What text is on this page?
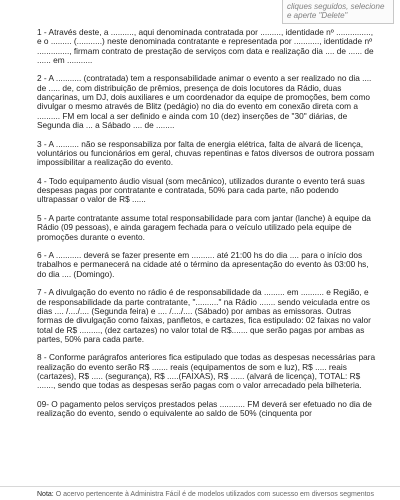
cliques seguidos, selecione e aperte "Delete"

1 - Através deste, a .........., aqui denominada contratada por ........., identidade nº ..............., e o ......... (...........) neste denominada contratante e representada por ..........., identidade nº .............., firmam contrato de prestação de serviços com data e realização dia .... de ...... de ...... em ...........

2 - A ........... (contratada) tem a responsabilidade animar o evento a ser realizado no dia .... de ..... de, com distribuição de prêmios, presença de dois locutores da Rádio, duas dançarinas, um DJ, dois auxiliares e um coordenador da equipe de promoções, bem como divulgar o mesmo através de Blitz (pedágio) no dia do evento em conexão direta com a .......... FM em local a ser definido e ainda com 10 (dez) inserções de "30" diárias, de Segunda dia ... a Sábado .... de ........

3 - A .......... não se responsabiliza por falta de energia elétrica, falta de alvará de licença, voluntários ou funcionários em geral, chuvas repentinas e fatos diversos de outrora possam impossibilitar a realização do evento.

4 - Todo equipamento áudio visual (som mecânico), utilizados durante o evento terá suas despesas pagas por contratante e contratada, 50% para cada parte, não podendo ultrapassar o valor de R$ ......

5 - A parte contratante assume total responsabilidade para com jantar (lanche) à equipe da Rádio (09 pessoas), e ainda garagem fechada para o veículo utilizado pela equipe de promoções durante o evento.

6 - A ........... deverá se fazer presente em .......... até 21:00 hs do dia .... para o início dos trabalhos e permanecerá na cidade até o término da apresentação do evento às 03:00 hs, do dia .... (Domingo).

7 - A divulgação do evento no rádio é de responsabilidade da ......... em .......... e Região, e de responsabilidade da parte contratante, ".........." na Rádio ....... sendo veiculada entre os dias .... /..../.... (Segunda feira) e .... /..../.... (Sábado) por ambas as emissoras. Outras formas de divulgação como faixas, panfletos, e cartazes, fica estipulado: 02 faixas no valor total de R$ ........., (dez cartazes) no valor total de R$....... que serão pagas por ambas as partes, 50% para cada parte.

8 - Conforme parágrafos anteriores fica estipulado que todas as despesas necessárias para realização do evento serão R$ ....... reais (equipamentos de som e luz), R$ ..... reais (cartazes), R$ ..... (segurança), R$ .....(FAIXAS), R$ ...... (alvará de licença), TOTAL: R$ ......., sendo que todas as despesas serão pagas com o valor arrecadado pela bilheteria.

09- O pagamento pelos serviços prestados pelas ........... FM deverá ser efetuado no dia de realização do evento, sendo o equivalente ao saldo de 50% (cinquenta por

Nota: O acervo pertencente à Administra Fácil é de modelos utilizados com sucesso em diversos segmentos
